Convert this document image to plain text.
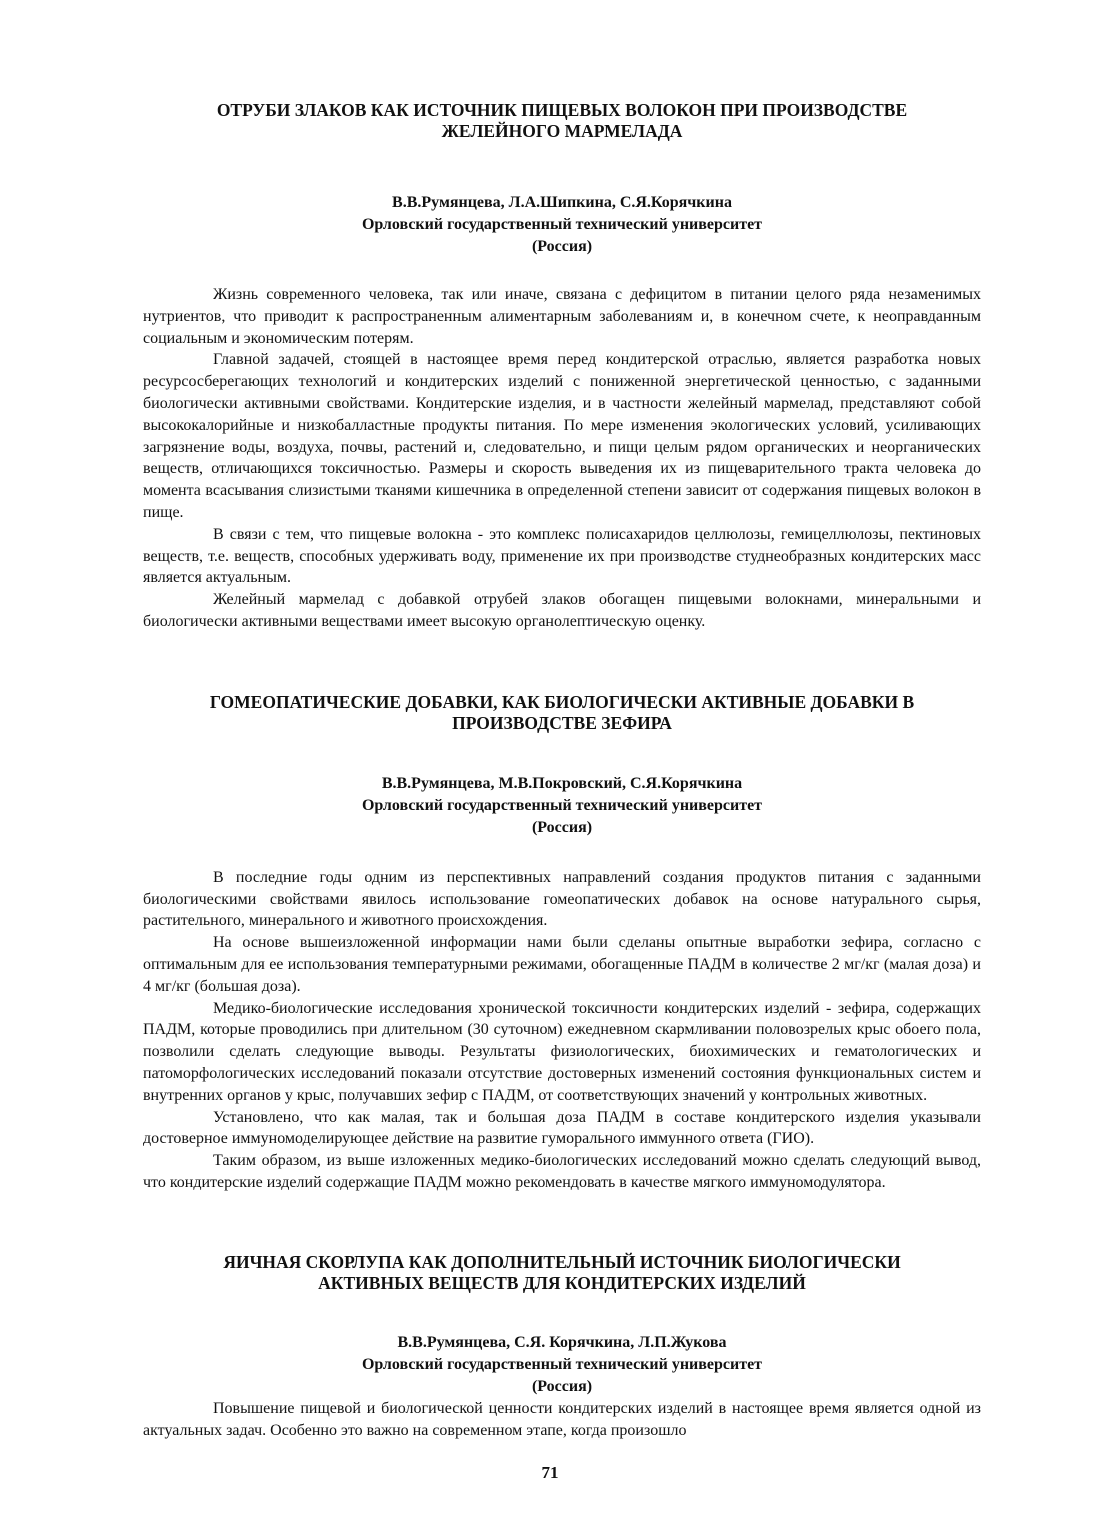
ОТРУБИ ЗЛАКОВ КАК ИСТОЧНИК ПИЩЕВЫХ ВОЛОКОН ПРИ ПРОИЗВОДСТВЕ
ЖЕЛЕЙНОГО МАРМЕЛАДА
В.В.Румянцева, Л.А.Шипкина, С.Я.Корячкина
Орловский государственный технический университет
(Россия)

Жизнь современного человека, так или иначе, связана с дефицитом в питании целого ряда незаменимых нутриентов, что приводит к распространенным алиментарным заболеваниям и, в конечном счете, к неоправданным социальным и экономическим потерям.

Главной задачей, стоящей в настоящее время перед кондитерской отраслью, является разработка новых ресурсосберегающих технологий и кондитерских изделий с пониженной энергетической ценностью, с заданными биологически активными свойствами. Кондитерские изделия, и в частности желейный мармелад, представляют собой высококалорийные и низкобалластные продукты питания. По мере изменения экологических условий, усиливающих загрязнение воды, воздуха, почвы, растений и, следовательно, и пищи целым рядом органических и неорганических веществ, отличающихся токсичностью. Размеры и скорость выведения их из пищеварительного тракта человека до момента всасывания слизистыми тканями кишечника в определенной степени зависит от содержания пищевых волокон в пище.

В связи с тем, что пищевые волокна - это комплекс полисахаридов целлюлозы, гемицеллюлозы, пектиновых веществ, т.е. веществ, способных удерживать воду, применение их при производстве студнеобразных кондитерских масс является актуальным.

Желейный мармелад с добавкой отрубей злаков обогащен пищевыми волокнами, минеральными и биологически активными веществами имеет высокую органолептическую оценку.

ГОМЕОПАТИЧЕСКИЕ ДОБАВКИ, КАК БИОЛОГИЧЕСКИ АКТИВНЫЕ ДОБАВКИ В
ПРОИЗВОДСТВЕ ЗЕФИРА
В.В.Румянцева, М.В.Покровский, С.Я.Корячкина
Орловский государственный технический университет
(Россия)

В последние годы одним из перспективных направлений создания продуктов питания с заданными биологическими свойствами явилось использование гомеопатических добавок на основе натурального сырья, растительного, минерального и животного происхождения.

На основе вышеизложенной информации нами были сделаны опытные выработки зефира, согласно с оптимальным для ее использования температурными режимами, обогащенные ПАДМ в количестве 2 мг/кг (малая доза) и 4 мг/кг (большая доза).

Медико-биологические исследования хронической токсичности кондитерских изделий - зефира, содержащих ПАДМ, которые проводились при длительном (30 суточном) ежедневном скармливании половозрелых крыс обоего пола, позволили сделать следующие выводы. Результаты физиологических, биохимических и гематологических и патоморфологических исследований показали отсутствие достоверных изменений состояния функциональных систем и внутренних органов у крыс, получавших зефир с ПАДМ, от соответствующих значений у контрольных животных.

Установлено, что как малая, так и большая доза ПАДМ в составе кондитерского изделия указывали достоверное иммуномоделирующее действие на развитие гуморального иммунного ответа (ГИО).

Таким образом, из выше изложенных медико-биологических исследований можно сделать следующий вывод, что кондитерские изделий содержащие ПАДМ можно рекомендовать в качестве мягкого иммуномодулятора.

ЯИЧНАЯ СКОРЛУПА КАК ДОПОЛНИТЕЛЬНЫЙ ИСТОЧНИК БИОЛОГИЧЕСКИ
АКТИВНЫХ ВЕЩЕСТВ ДЛЯ КОНДИТЕРСКИХ ИЗДЕЛИЙ
В.В.Румянцева, С.Я. Корячкина, Л.П.Жукова
Орловский государственный технический университет
(Россия)

Повышение пищевой и биологической ценности кондитерских изделий в настоящее время является одной из актуальных задач. Особенно это важно на современном этапе, когда произошло

71
